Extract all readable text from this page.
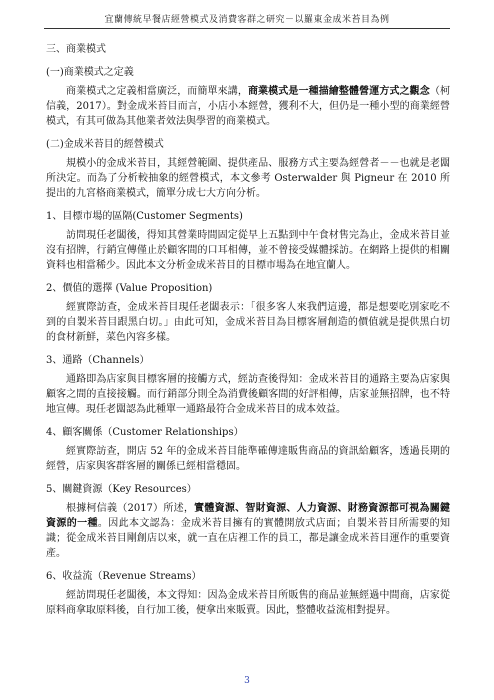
宜蘭傳統早餐店經營模式及消費客群之研究－以羅東金成米苔目為例
三、商業模式
(一)商業模式之定義
商業模式之定義相當廣泛，而簡單來講，商業模式是一種描繪整體營運方式之觀念（柯信義，2017）。對金成米苔目而言，小店小本經營，獲利不大，但仍是一種小型的商業經營模式，有其可做為其他業者效法與學習的商業模式。
(二)金成米苔目的經營模式
規模小的金成米苔目，其經營範圍、提供產品、服務方式主要為經營者－－也就是老闆所決定。而為了分析較抽象的經營模式，本文參考 Osterwalder 與 Pigneur 在 2010 所提出的九宮格商業模式，簡單分成七大方向分析。
1、目標市場的區隔(Customer Segments)
訪問現任老闆後，得知其營業時間固定從早上五點到中午食材售完為止，金成米苔目並沒有招牌，行銷宣傳僅止於顧客間的口耳相傳，並不曾接受媒體採訪。在網路上提供的相關資料也相當稀少。因此本文分析金成米苔目的目標市場為在地宜蘭人。
2、價值的選擇 (Value Proposition)
經實際訪查，金成米苔目現任老闆表示：「很多客人來我們這邊，都是想要吃別家吃不到的自製米苔目跟黑白切。」由此可知，金成米苔目為目標客層創造的價值就是提供黑白切的食材新鮮，菜色內容多樣。
3、通路（Channels）
通路即為店家與目標客層的接觸方式，經訪查後得知：金成米苔目的通路主要為店家與顧客之間的直接接觸。而行銷部分則全為消費後顧客間的好評相傳，店家並無招牌，也不特地宣傳。現任老闆認為此種單一通路最符合金成米苔目的成本效益。
4、顧客關係（Customer Relationships）
經實際訪查，開店 52 年的金成米苔目能準確傳達販售商品的資訊給顧客，透過長期的經營，店家與客群客層的關係已經相當穩固。
5、關鍵資源（Key Resources）
根據柯信義（2017）所述，實體資源、智財資源、人力資源、財務資源都可視為關鍵資源的一種。因此本文認為：金成米苔目擁有的實體開放式店面；自製米苔目所需要的知識；從金成米苔目剛創店以來，就一直在店裡工作的員工，都是讓金成米苔目運作的重要資產。
6、收益流（Revenue Streams）
經訪問現任老闆後，本文得知：因為金成米苔目所販售的商品並無經過中間商，店家從原料商拿取原料後，自行加工後，便拿出來販賣。因此，整體收益流相對提昇。
3
